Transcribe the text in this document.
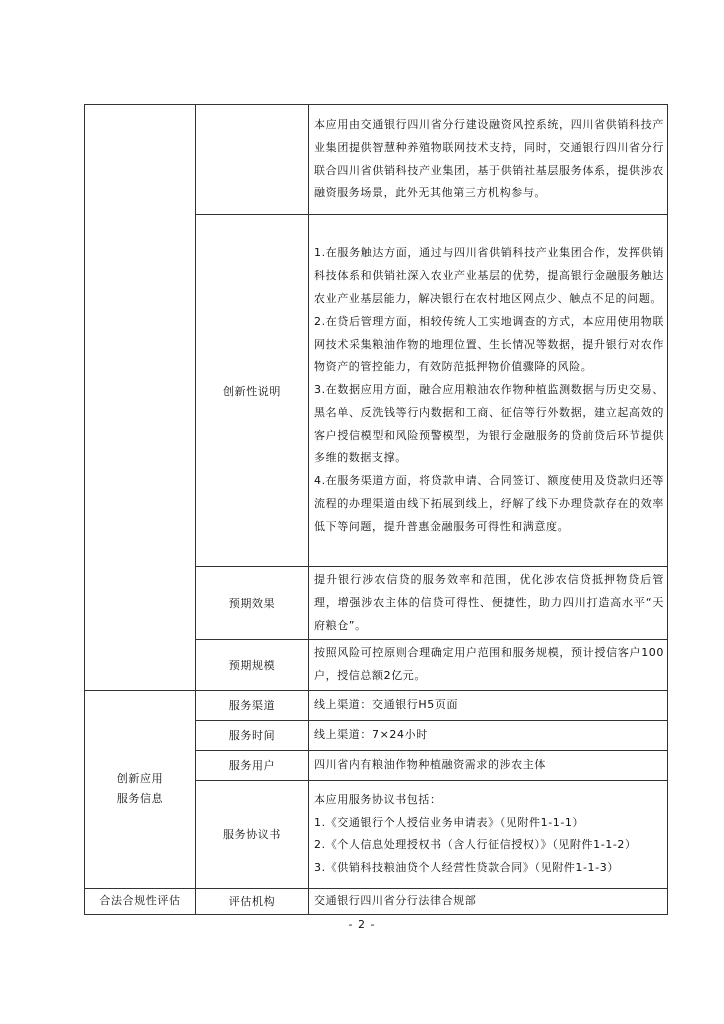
		本应用由交通银行四川省分行建设融资风控系统，四川省供销科技产业集团提供智慧种养殖物联网技术支持，同时，交通银行四川省分行联合四川省供销科技产业集团，基于供销社基层服务体系，提供涉农融资服务场景，此外无其他第三方机构参与。

	创新性说明	1.在服务触达方面，通过与四川省供销科技产业集团合作，发挥供销科技体系和供销社深入农业产业基层的优势，提高银行金融服务触达农业产业基层能力，解决银行在农村地区网点少、触点不足的问题。
2.在贷后管理方面，相较传统人工实地调查的方式，本应用使用物联网技术采集粮油作物的地理位置、生长情况等数据，提升银行对农作物资产的管控能力，有效防范抵押物价值骤降的风险。
3.在数据应用方面，融合应用粮油农作物种植监测数据与历史交易、黑名单、反洗钱等行内数据和工商、征信等行外数据，建立起高效的客户授信模型和风险预警模型，为银行金融服务的贷前贷后环节提供多维的数据支撑。
4.在服务渠道方面，将贷款申请、合同签订、额度使用及贷款归还等流程的办理渠道由线下拓展到线上，纾解了线下办理贷款存在的效率低下等问题，提升普惠金融服务可得性和满意度。

	预期效果	提升银行涉农信贷的服务效率和范围，优化涉农信贷抵押物贷后管理，增强涉农主体的信贷可得性、便捷性，助力四川打造高水平“天府粮仓”。

	预期规模	按照风险可控原则合理确定用户范围和服务规模，预计授信客户100户，授信总额2亿元。

创新应用
服务信息	服务渠道	线上渠道：交通银行H5页面
	服务时间	线上渠道：7×24小时
	服务用户	四川省内有粮油作物种植融资需求的涉农主体
	服务协议书	本应用服务协议书包括：
1.《交通银行个人授信业务申请表》（见附件1-1-1）
2.《个人信息处理授权书（含人行征信授权）》（见附件1-1-2）
3.《供销科技粮油贷个人经营性贷款合同》（见附件1-1-3）

合法合规性评估	评估机构	交通银行四川省分行法律合规部
- 2 -
